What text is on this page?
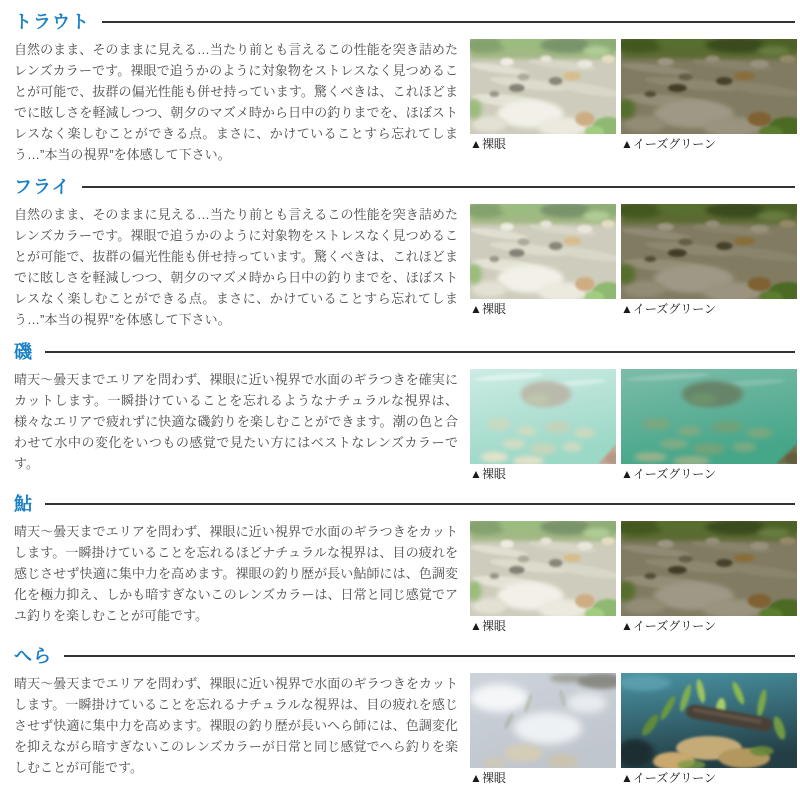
トラウト

自然のまま、そのままに見える…当たり前とも言えるこの性能を突き詰めたレンズカラーです。裸眼で追うかのように対象物をストレスなく見つめることが可能で、抜群の偏光性能も併せ持っています。驚くべきは、これほどまでに眩しさを軽減しつつ、朝夕のマズメ時から日中の釣りまでを、ほぼストレスなく楽しむことができる点。まさに、かけていることすら忘れてしまう…”本当の視界”を体感して下さい。

▲裸眼	▲イーズグリーン
フライ

自然のまま、そのままに見える…当たり前とも言えるこの性能を突き詰めたレンズカラーです。裸眼で追うかのように対象物をストレスなく見つめることが可能で、抜群の偏光性能も併せ持っています。驚くべきは、これほどまでに眩しさを軽減しつつ、朝夕のマズメ時から日中の釣りまでを、ほぼストレスなく楽しむことができる点。まさに、かけていることすら忘れてしまう…”本当の視界”を体感して下さい。

▲裸眼	▲イーズグリーン
磯

晴天～曇天までエリアを問わず、裸眼に近い視界で水面のギラつきを確実にカットします。一瞬掛けていることを忘れるようなナチュラルな視界は、様々なエリアで疲れずに快適な磯釣りを楽しむことができます。潮の色と合わせて水中の変化をいつもの感覚で見たい方にはベストなレンズカラーです。

▲裸眼	▲イーズグリーン
鮎

晴天～曇天までエリアを問わず、裸眼に近い視界で水面のギラつきをカットします。一瞬掛けていることを忘れるほどナチュラルな視界は、目の疲れを感じさせず快適に集中力を高めます。裸眼の釣り歴が長い鮎師には、色調変化を極力抑え、しかも暗すぎないこのレンズカラーは、日常と同じ感覚でアユ釣りを楽しむことが可能です。

▲裸眼	▲イーズグリーン
へら

晴天～曇天までエリアを問わず、裸眼に近い視界で水面のギラつきをカットします。一瞬掛けていることを忘れるナチュラルな視界は、目の疲れを感じさせず快適に集中力を高めます。裸眼の釣り歴が長いへら師には、色調変化を抑えながら暗すぎないこのレンズカラーが日常と同じ感覚でへら釣りを楽しむことが可能です。

▲裸眼	▲イーズグリーン
